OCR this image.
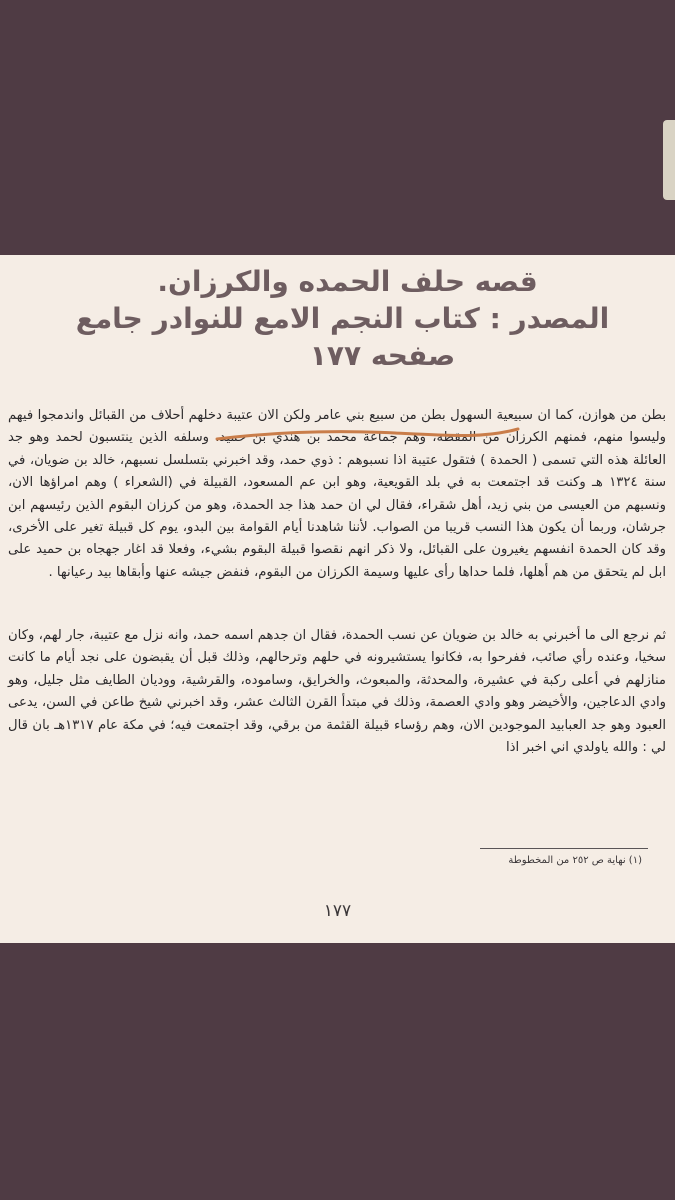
قصه حلف الحمده والكرزان.
المصدر : كتاب النجم الامع للنوادر جامع
صفحه ١٧٧
بطن من هوازن، كما ان سبيعية السهول بطن من سبيع بني عامر ولكن الان عتيبة دخلهم أحلاف من القبائل واندمجوا فيهم وليسوا منهم، فمنهم الكرزان من المقطه، وهم جماعة محمد بن هندي بن حميد، وسلفه الذين ينتسبون لحمد وهو جد العائلة هذه التي تسمى ( الحمدة ) فتقول عتيبة اذا نسبوهم : ذوي حمد، وقد اخبرني بتسلسل نسبهم، خالد بن ضويان، في سنة ١٣٢٤ هـ وكنت قد اجتمعت به في بلد القويعية، وهو ابن عم المسعود، القبيلة في (الشعراء ) وهم امراؤها الان، ونسبهم من العيسى من بني زيد، أهل شقراء، فقال لي ان حمد هذا جد الحمدة، وهو من كرزان البقوم الذين رئيسهم ابن جرشان، وربما أن يكون هذا النسب قريبا من الصواب. لأننا شاهدنا أيام القوامة بين البدو، يوم كل قبيلة تغير على الأخرى، وقد كان الحمدة انفسهم يغيرون على القبائل، ولا ذكر انهم نقصوا قبيلة البقوم بشيء، وفعلا قد اغار جهجاه بن حميد على ابل لم يتحقق من هم أهلها، فلما حداها رأى عليها وسيمة الكرزان من البقوم، فنفض جيشه عنها وأبقاها بيد رعيانها .
ثم نرجع الى ما أخبرني به خالد بن ضويان عن نسب الحمدة، فقال ان جدهم اسمه حمد، وانه نزل مع عتيبة، جار لهم، وكان سخيا، وعنده رأي صائب، ففرحوا به، فكانوا يستشيرونه في حلهم وترحالهم، وذلك قبل أن يقبضون على نجد أيام ما كانت منازلهم في أعلى ركبة في عشيرة، والمحدثة، والمبعوث، والخرايق، وساموده، والقرشية، ووديان الطايف مثل جليل، وهو وادي الدعاجين، والأخيضر وهو وادي العصمة، وذلك في مبتدأ القرن الثالث عشر، وقد اخبرني شيخ طاعن في السن، يدعى العبود وهو جد العبابيد الموجودين الان، وهم رؤساء قبيلة القثمة من برقي، وقد اجتمعت فيه؛ في مكة عام ١٣١٧هـ بان قال لي : والله ياولدي اني اخبر اذا
(١) نهاية ص ٢٥٢ من المخطوطة
١٧٧
